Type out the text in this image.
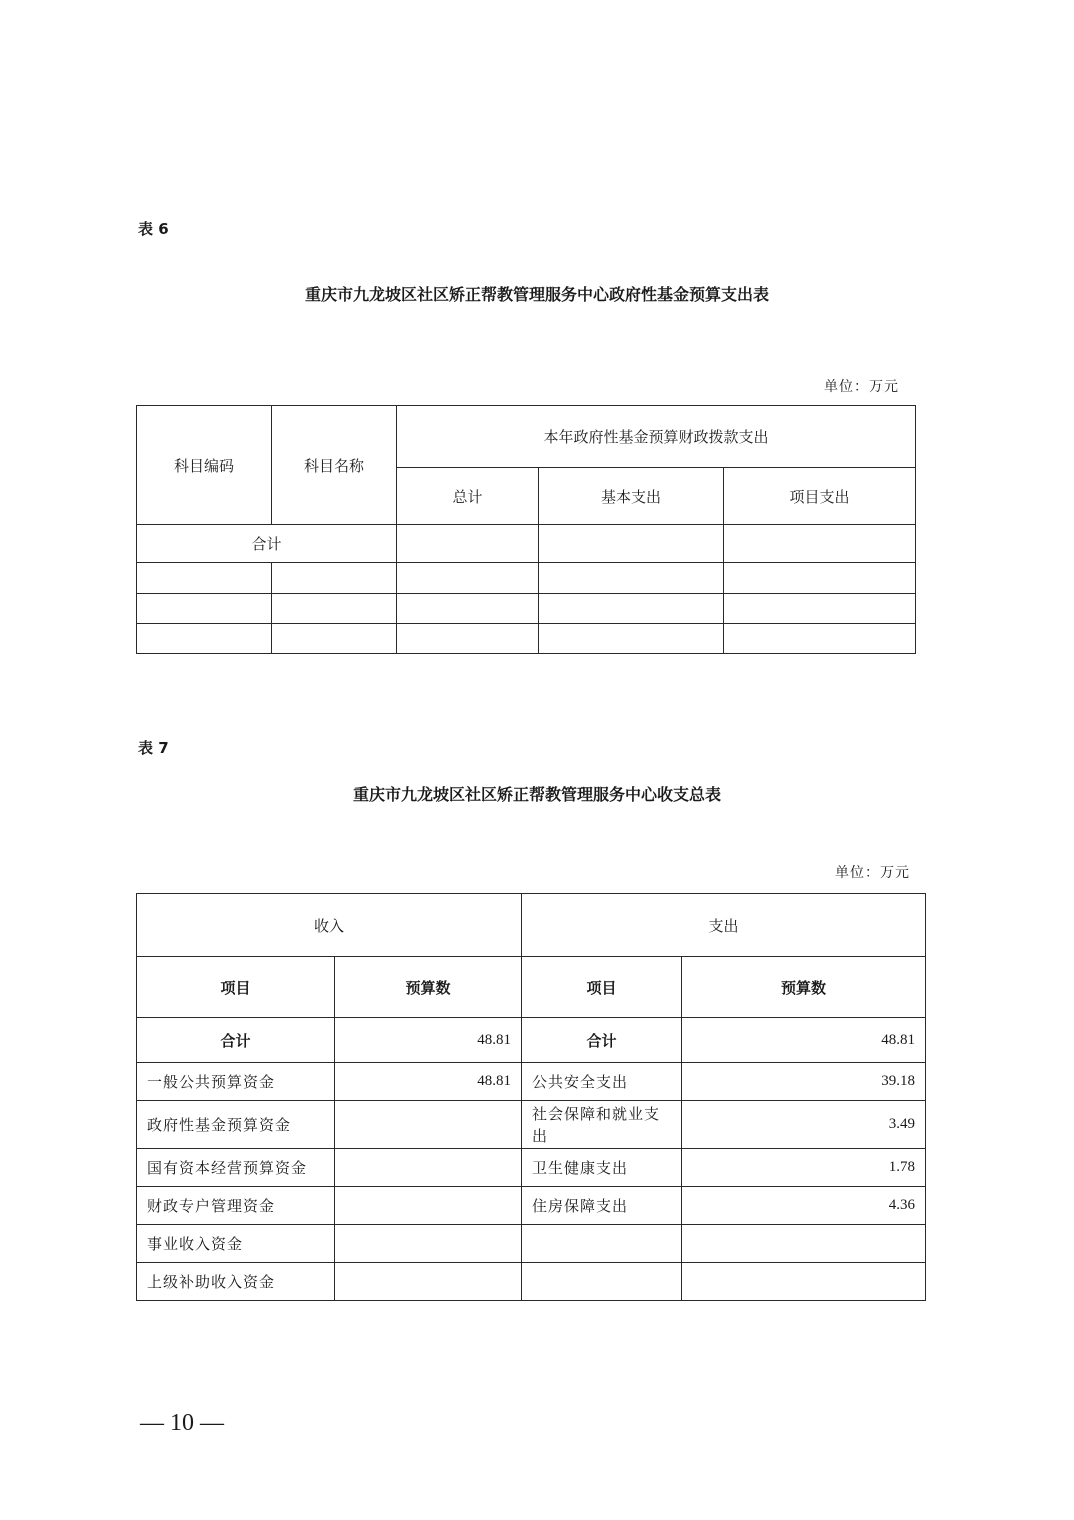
表 6
重庆市九龙坡区社区矫正帮教管理服务中心政府性基金预算支出表
单位：万元
科目编码	科目名称	本年政府性基金预算财政拨款支出		
		总计	基本支出	项目支出
合计				

表 7
重庆市九龙坡区社区矫正帮教管理服务中心收支总表
单位：万元
收入		支出	
项目	预算数	项目	预算数
合计	48.81	合计	48.81
一般公共预算资金	48.81	公共安全支出	39.18
政府性基金预算资金		社会保障和就业支出	3.49
国有资本经营预算资金		卫生健康支出	1.78
财政专户管理资金		住房保障支出	4.36
事业收入资金			
上级补助收入资金			
— 10 —
